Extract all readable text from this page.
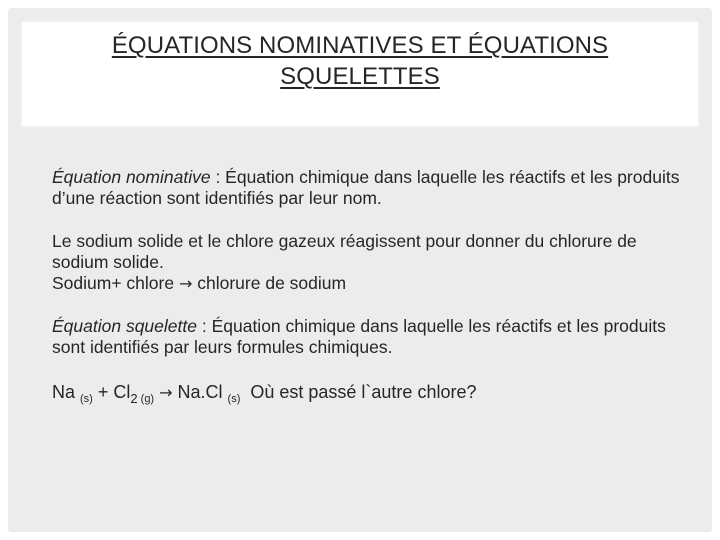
ÉQUATIONS NOMINATIVES ET ÉQUATIONS
SQUELETTES

Équation nominative : Équation chimique dans laquelle les réactifs et les produits d’une réaction sont identifiés par leur nom.

Le sodium solide et le chlore gazeux réagissent pour donner du chlorure de sodium solide.

Sodium+ chlore → chlorure de sodium

Équation squelette : Équation chimique dans laquelle les réactifs et les produits sont identifiés par leurs formules chimiques.

Na $_{(s)} + Cl_2$ $_{(g)}$ → Na.Cl $_{(s)}$  Où est passé l`autre chlore?
